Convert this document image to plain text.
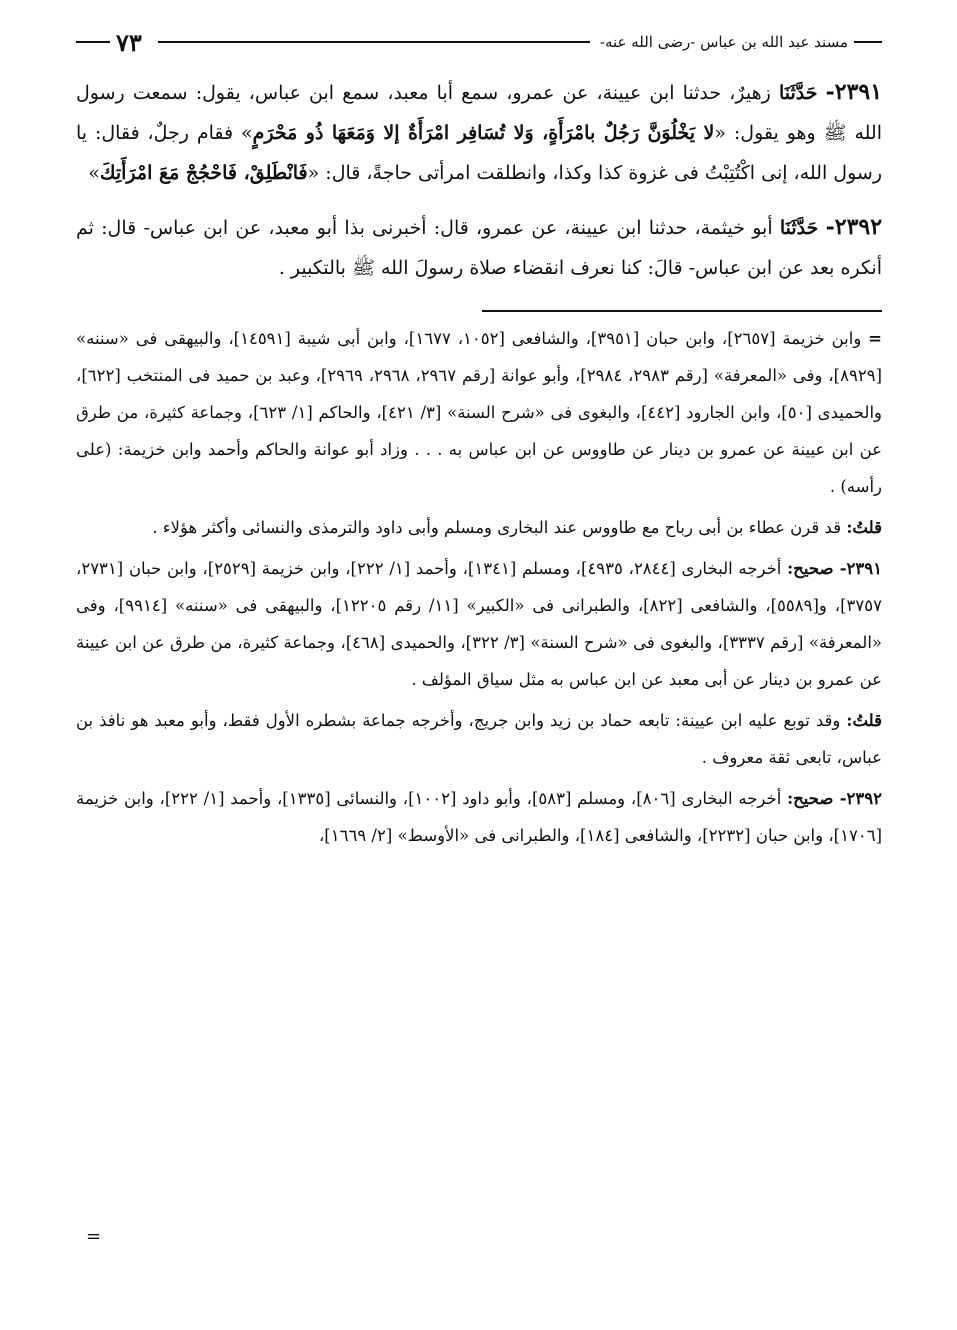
مسند عبد الله بن عباس -رضى الله عنه-
٧٣

٢٣٩١- حَدَّثَنَا زهيرٌ، حدثنا ابن عيينة، عن عمرو، سمع أبا معبد، سمع ابن عباس، يقول: سمعت رسول الله ﷺ وهو يقول: «لا يَخْلُوَنَّ رَجُلٌ بامْرَأَةٍ، وَلا تُسَافِر امْرَأَةٌ إلا وَمَعَهَا ذُو مَحْرَمٍ» فقام رجلٌ، فقال: يا رسول الله، إنى اكْتُتِبْتُ فى غزوة كذا وكذا، وانطلقت امرأتى حاجةً، قال: «فَانْطَلِقْ، فَاحْجُجْ مَعَ امْرَأَتِكَ»

٢٣٩٢- حَدَّثَنَا أبو خيثمة، حدثنا ابن عيينة، عن عمرو، قال: أخبرنى بذا أبو معبد، عن ابن عباس- قال: ثم أنكره بعد عن ابن عباس- قالَ: كنا نعرف انقضاء صلاة رسولَ الله ﷺ بالتكبير .

= وابن خزيمة [٢٦٥٧]، وابن حبان [٣٩٥١]، والشافعى [١٠٥٢، ١٦٧٧]، وابن أبى شيبة [١٤٥٩١]، والبيهقى فى «سننه» [٨٩٢٩]، وفى «المعرفة» [رقم ٢٩٨٣، ٢٩٨٤]، وأبو عوانة [رقم ٢٩٦٧، ٢٩٦٨، ٢٩٦٩]، وعبد بن حميد فى المنتخب [٦٢٢]، والحميدى [٥٠]، وابن الجارود [٤٤٢]، والبغوى فى «شرح السنة» [٣/ ٤٢١]، والحاكم [١/ ٦٢٣]، وجماعة كثيرة، من طرق عن ابن عيينة عن عمرو بن دينار عن طاووس عن ابن عباس به . . . وزاد أبو عوانة والحاكم وأحمد وابن خزيمة: (على رأسه) .

قلتُ: قد قرن عطاء بن أبى رباح مع طاووس عند البخارى ومسلم وأبى داود والترمذى والنسائى وأكثر هؤلاء .

٢٣٩١- صحيح: أخرجه البخارى [٢٨٤٤، ٤٩٣٥]، ومسلم [١٣٤١]، وأحمد [١/ ٢٢٢]، وابن خزيمة [٢٥٢٩]، وابن حبان [٢٧٣١، ٣٧٥٧]، و[٥٥٨٩]، والشافعى [٨٢٢]، والطبرانى فى «الكبير» [١١/ رقم ١٢٢٠٥]، والبيهقى فى «سننه» [٩٩١٤]، وفى «المعرفة» [رقم ٣٣٣٧]، والبغوى فى «شرح السنة» [٣/ ٣٢٢]، والحميدى [٤٦٨]، وجماعة كثيرة، من طرق عن ابن عيينة عن عمرو بن دينار عن أبى معبد عن ابن عباس به مثل سياق المؤلف .

قلتُ: وقد توبع عليه ابن عيينة: تابعه حماد بن زيد وابن جريج، وأخرجه جماعة بشطره الأول فقط، وأبو معبد هو نافذ بن عباس، تابعى ثقة معروف .

٢٣٩٢- صحيح: أخرجه البخارى [٨٠٦]، ومسلم [٥٨٣]، وأبو داود [١٠٠٢]، والنسائى [١٣٣٥]، وأحمد [١/ ٢٢٢]، وابن خزيمة [١٧٠٦]، وابن حبان [٢٢٣٢]، والشافعى [١٨٤]، والطبرانى فى «الأوسط» [٢/ ١٦٦٩]،

=
